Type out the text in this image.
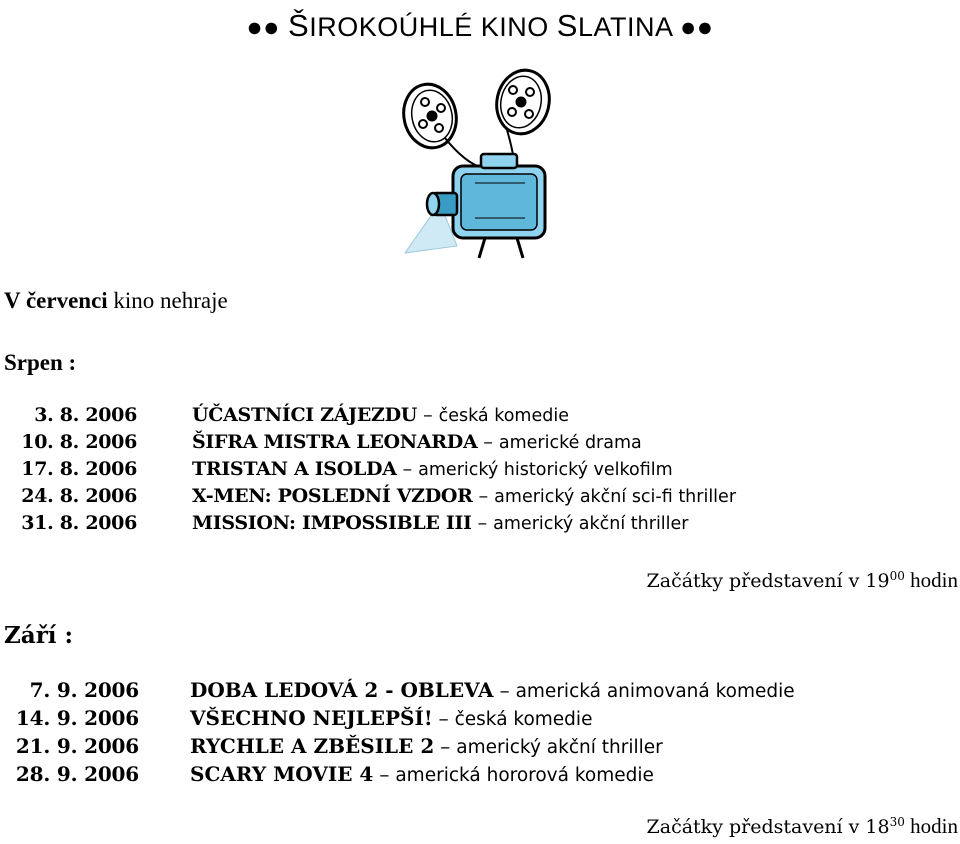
●● ŠIROKOÚHLÉ KINO SLATINA ●●
V červenci kino nehraje
Srpen :
3. 8. 2006	ÚČASTNÍCI ZÁJEZDU – česká komedie
10. 8. 2006	ŠIFRA MISTRA LEONARDA – americké drama
17. 8. 2006	TRISTAN A ISOLDA – americký historický velkofilm
24. 8. 2006	X-MEN: POSLEDNÍ VZDOR – americký akční sci-fi thriller
31. 8. 2006	MISSION: IMPOSSIBLE III – americký akční thriller
Začátky představení v $19^{00}$ hodin
Září :
7. 9. 2006	DOBA LEDOVÁ 2 - OBLEVA – americká animovaná komedie
14. 9. 2006	VŠECHNO NEJLEPŠÍ! – česká komedie
21. 9. 2006	RYCHLE A ZBĚSILE 2 – americký akční thriller
28. 9. 2006	SCARY MOVIE 4 – americká hororová komedie
Začátky představení v $18^{30}$ hodin
